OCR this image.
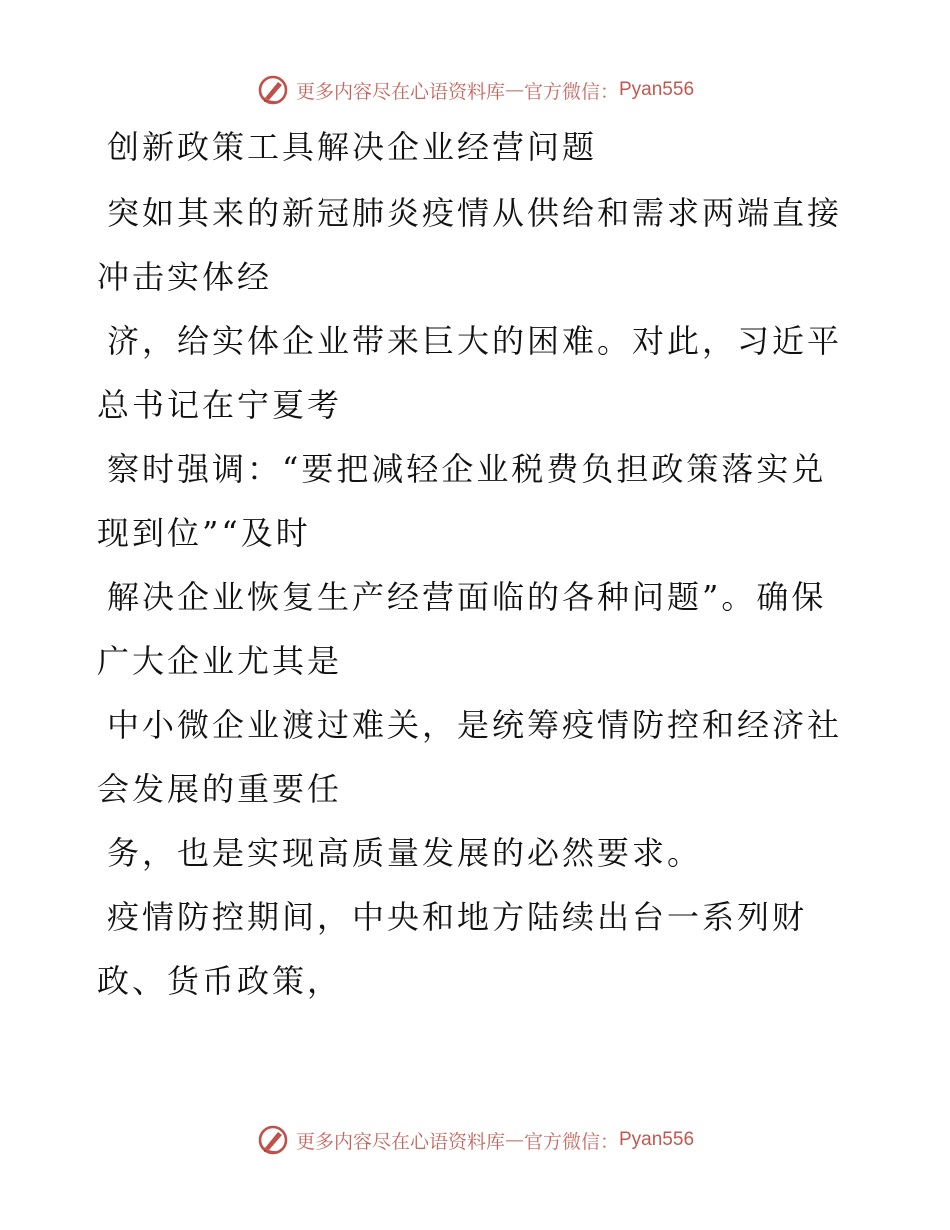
更多内容尽在心语资料库 — 官方微信： Pyan556

创新政策工具解决企业经营问题

突如其来的新冠肺炎疫情从供给和需求两端直接
冲击实体经

济，给实体企业带来巨大的困难。对此，习近平
总书记在宁夏考

察时强调：“要把减轻企业税费负担政策落实兑
现到位”“及时

解决企业恢复生产经营面临的各种问题”。确保
广大企业尤其是

中小微企业渡过难关，是统筹疫情防控和经济社
会发展的重要任

务，也是实现高质量发展的必然要求。

疫情防控期间，中央和地方陆续出台一系列财
政、货币政策，

更多内容尽在心语资料库 — 官方微信： Pyan556
